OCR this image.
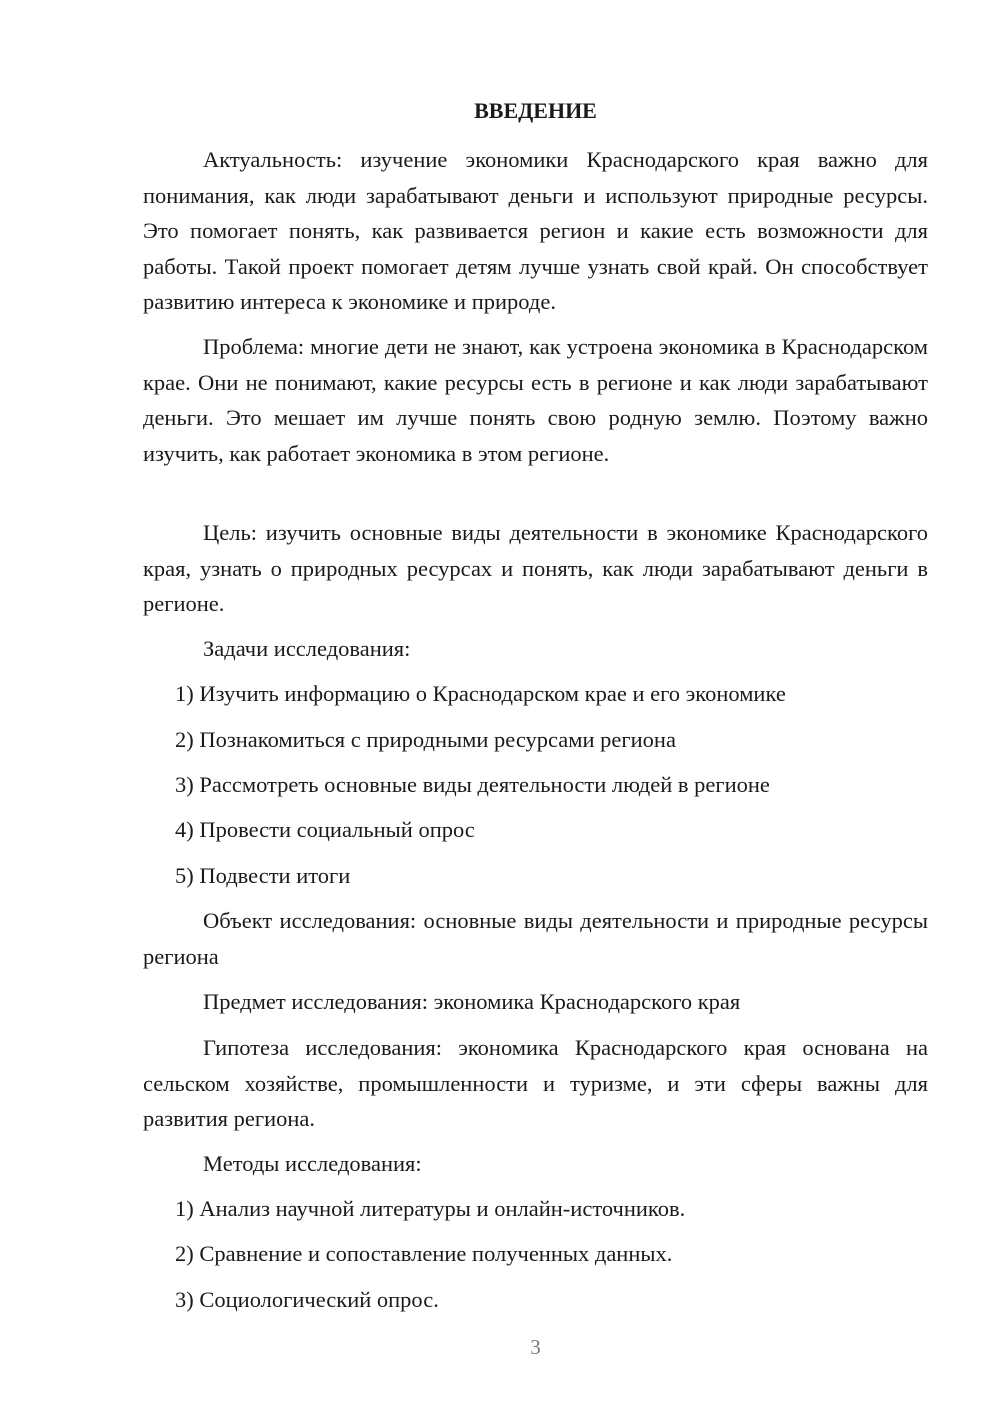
ВВЕДЕНИЕ

Актуальность: изучение экономики Краснодарского края важно для понимания, как люди зарабатывают деньги и используют природные ресурсы. Это помогает понять, как развивается регион и какие есть возможности для работы. Такой проект помогает детям лучше узнать свой край. Он способствует развитию интереса к экономике и природе.

Проблема: многие дети не знают, как устроена экономика в Краснодарском крае. Они не понимают, какие ресурсы есть в регионе и как люди зарабатывают деньги. Это мешает им лучше понять свою родную землю. Поэтому важно изучить, как работает экономика в этом регионе.

Цель: изучить основные виды деятельности в экономике Краснодарского края, узнать о природных ресурсах и понять, как люди зарабатывают деньги в регионе.

Задачи исследования:

1) Изучить информацию о Краснодарском крае и его экономике

2) Познакомиться с природными ресурсами региона

3) Рассмотреть основные виды деятельности людей в регионе

4) Провести социальный опрос

5) Подвести итоги

Объект исследования: основные виды деятельности и природные ресурсы региона

Предмет исследования: экономика Краснодарского края

Гипотеза исследования: экономика Краснодарского края основана на сельском хозяйстве, промышленности и туризме, и эти сферы важны для развития региона.

Методы исследования:

1) Анализ научной литературы и онлайн-источников.

2) Сравнение и сопоставление полученных данных.

3) Социологический опрос.

3
